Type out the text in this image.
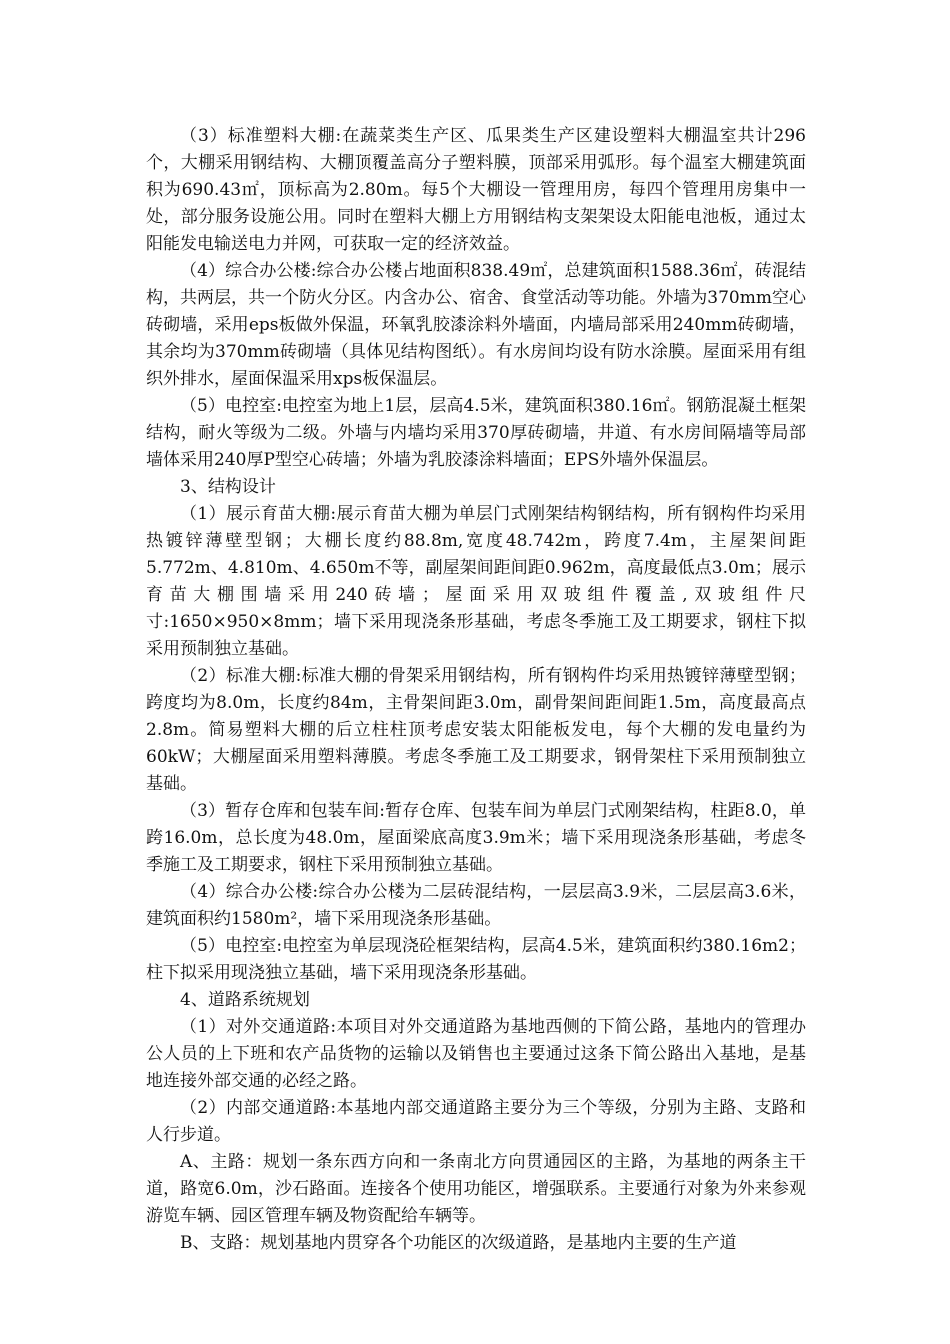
（3）标准塑料大棚:在蔬菜类生产区、瓜果类生产区建设塑料大棚温室共计296个，大棚采用钢结构、大棚顶覆盖高分子塑料膜，顶部采用弧形。每个温室大棚建筑面积为690.43㎡，顶标高为2.80m。每5个大棚设一管理用房，每四个管理用房集中一处，部分服务设施公用。同时在塑料大棚上方用钢结构支架架设太阳能电池板，通过太阳能发电输送电力并网，可获取一定的经济效益。

（4）综合办公楼:综合办公楼占地面积838.49㎡，总建筑面积1588.36㎡，砖混结构，共两层，共一个防火分区。内含办公、宿舍、食堂活动等功能。外墙为370mm空心砖砌墙，采用eps板做外保温，环氧乳胶漆涂料外墙面，内墙局部采用240mm砖砌墙，其余均为370mm砖砌墙（具体见结构图纸）。有水房间均设有防水涂膜。屋面采用有组织外排水，屋面保温采用xps板保温层。

（5）电控室:电控室为地上1层，层高4.5米，建筑面积380.16㎡。钢筋混凝土框架结构，耐火等级为二级。外墙与内墙均采用370厚砖砌墙，井道、有水房间隔墙等局部墙体采用240厚P型空心砖墙；外墙为乳胶漆涂料墙面；EPS外墙外保温层。

3、结构设计

（1）展示育苗大棚:展示育苗大棚为单层门式刚架结构钢结构，所有钢构件均采用热镀锌薄壁型钢；大棚长度约88.8m,宽度48.742m，跨度7.4m，主屋架间距5.772m、4.810m、4.650m不等，副屋架间距间距0.962m，高度最低点3.0m；展示育苗大棚围墙采用240砖墙；屋面采用双玻组件覆盖,双玻组件尺寸:1650×950×8mm；墙下采用现浇条形基础，考虑冬季施工及工期要求，钢柱下拟采用预制独立基础。

（2）标准大棚:标准大棚的骨架采用钢结构，所有钢构件均采用热镀锌薄壁型钢；跨度均为8.0m，长度约84m，主骨架间距3.0m，副骨架间距间距1.5m，高度最高点2.8m。简易塑料大棚的后立柱柱顶考虑安装太阳能板发电，每个大棚的发电量约为60kW；大棚屋面采用塑料薄膜。考虑冬季施工及工期要求，钢骨架柱下采用预制独立基础。

（3）暂存仓库和包装车间:暂存仓库、包装车间为单层门式刚架结构，柱距8.0，单跨16.0m，总长度为48.0m，屋面梁底高度3.9m米；墙下采用现浇条形基础，考虑冬季施工及工期要求，钢柱下采用预制独立基础。

（4）综合办公楼:综合办公楼为二层砖混结构，一层层高3.9米，二层层高3.6米，建筑面积约1580m²，墙下采用现浇条形基础。

（5）电控室:电控室为单层现浇砼框架结构，层高4.5米，建筑面积约380.16m2；柱下拟采用现浇独立基础，墙下采用现浇条形基础。

4、道路系统规划

（1）对外交通道路:本项目对外交通道路为基地西侧的下简公路，基地内的管理办公人员的上下班和农产品货物的运输以及销售也主要通过这条下简公路出入基地，是基地连接外部交通的必经之路。

（2）内部交通道路:本基地内部交通道路主要分为三个等级，分别为主路、支路和人行步道。

A、主路：规划一条东西方向和一条南北方向贯通园区的主路，为基地的两条主干道，路宽6.0m，沙石路面。连接各个使用功能区，增强联系。主要通行对象为外来参观游览车辆、园区管理车辆及物资配给车辆等。

B、支路：规划基地内贯穿各个功能区的次级道路，是基地内主要的生产道
